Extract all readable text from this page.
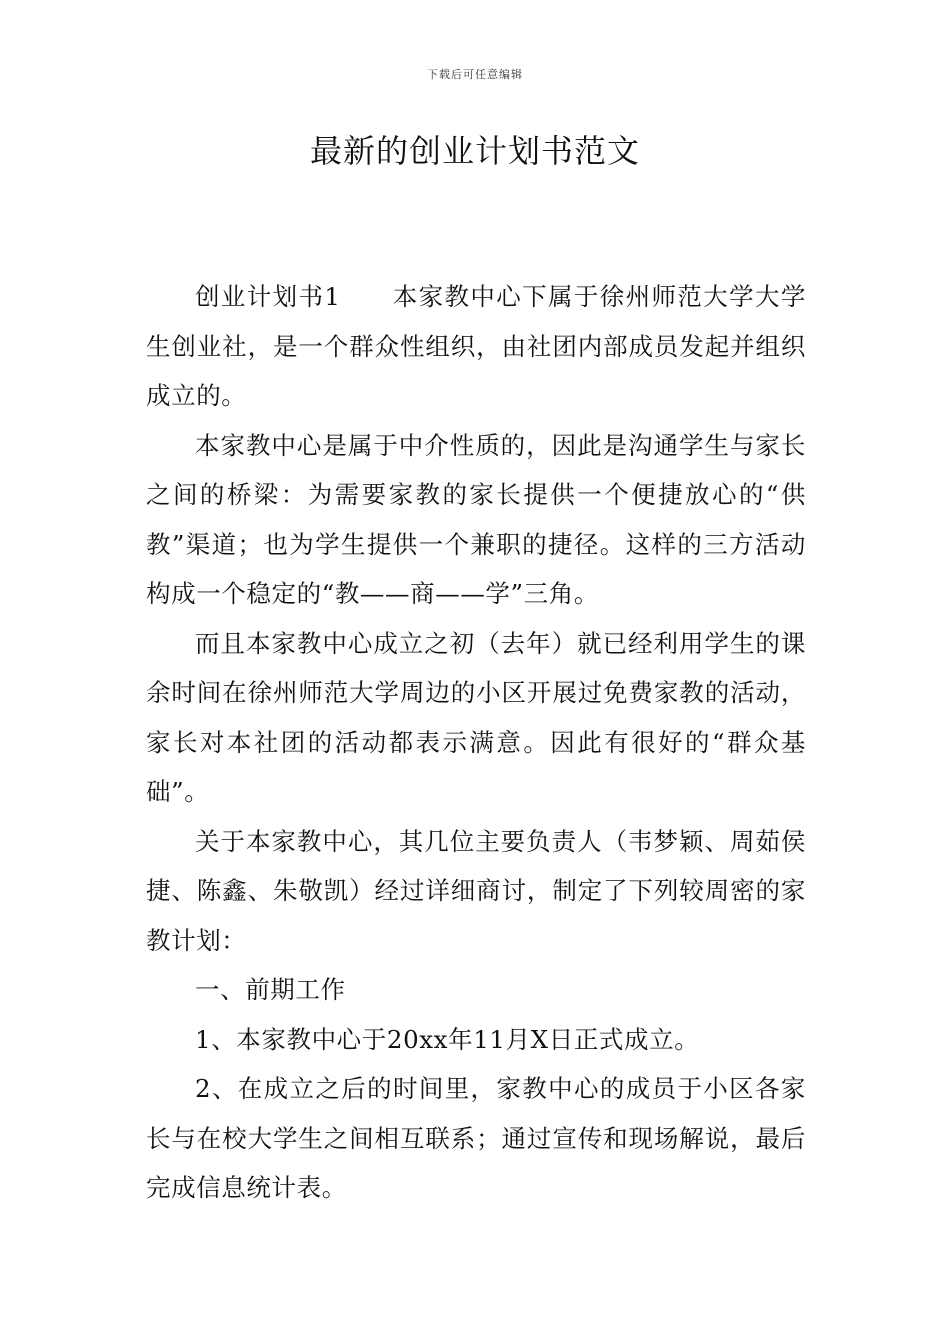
下载后可任意编辑
最新的创业计划书范文

创业计划书1 本家教中心下属于徐州师范大学大学生创业社，是一个群众性组织，由社团内部成员发起并组织成立的。

本家教中心是属于中介性质的，因此是沟通学生与家长之间的桥梁：为需要家教的家长提供一个便捷放心的“供教”渠道；也为学生提供一个兼职的捷径。这样的三方活动构成一个稳定的“教——商——学”三角。

而且本家教中心成立之初（去年）就已经利用学生的课余时间在徐州师范大学周边的小区开展过免费家教的活动，家长对本社团的活动都表示满意。因此有很好的“群众基础”。

关于本家教中心，其几位主要负责人（韦梦颖、周茹侯捷、陈鑫、朱敬凯）经过详细商讨，制定了下列较周密的家教计划：

一、前期工作

1、本家教中心于20xx年11月X日正式成立。

2、在成立之后的时间里，家教中心的成员于小区各家长与在校大学生之间相互联系；通过宣传和现场解说，最后完成信息统计表。
